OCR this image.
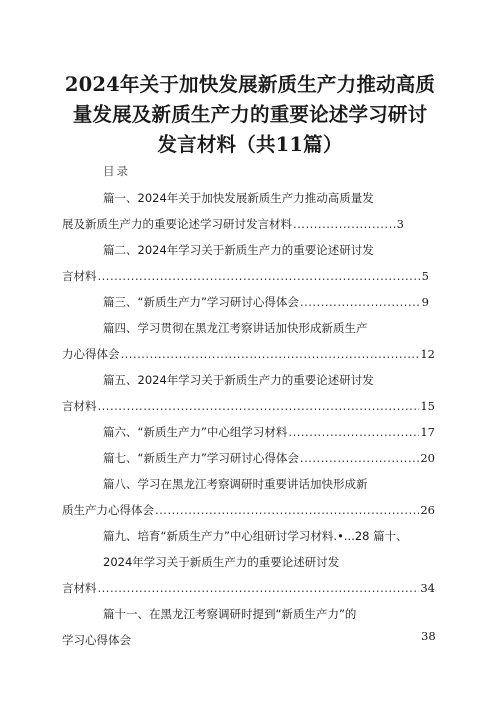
2024年关于加快发展新质生产力推动高质
量发展及新质生产力的重要论述学习研讨
发言材料（共11篇）
目录
篇一、2024年关于加快发展新质生产力推动高质量发
展及新质生产力的重要论述学习研讨发言材料 .....	3
篇二、2024年学习关于新质生产力的重要论述研讨发
言材料 .....	5
篇三、“新质生产力”学习研讨心得体会 .....	9
篇四、学习贯彻在黑龙江考察讲话加快形成新质生产
力心得体会 .....	12
篇五、2024年学习关于新质生产力的重要论述研讨发
言材料 .....	15
篇六、“新质生产力”中心组学习材料 .....	17
篇七、“新质生产力”学习研讨心得体会 .....	20
篇八、学习在黑龙江考察调研时重要讲话加快形成新
质生产力心得体会 .....	26
篇九、培育“新质生产力”中心组研讨学习材料.•...28 篇十、
2024年学习关于新质生产力的重要论述研讨发
言材料 .....	34
篇十一、在黑龙江考察调研时提到“新质生产力”的
学习心得体会	38
